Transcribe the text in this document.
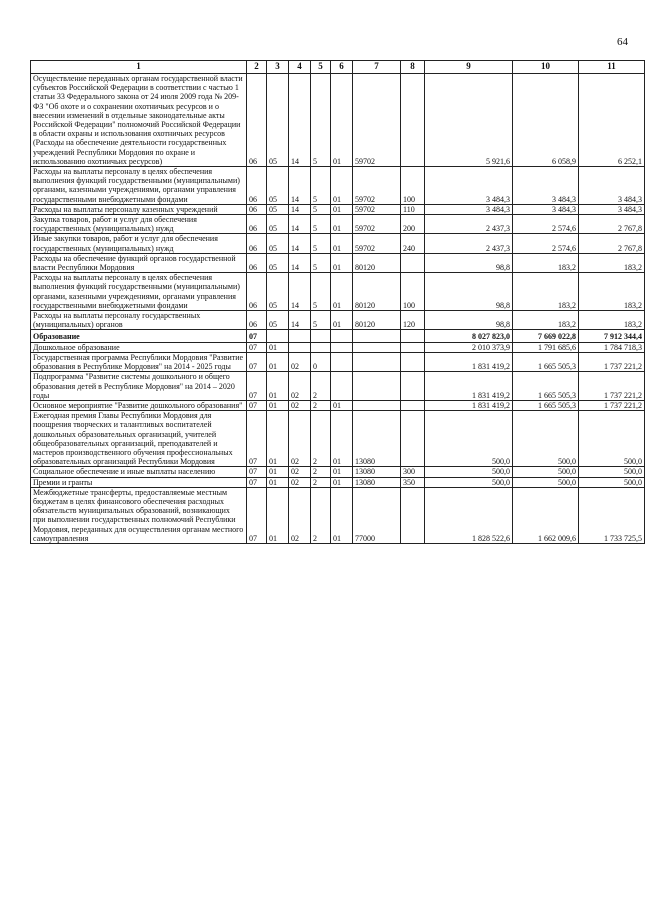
64
1	2	3	4	5	6	7	8	9	10	11
Осуществление переданных органам государственной власти субъектов Российской Федерации в соответствии с частью 1 статьи 33 Федерального закона от 24 июля 2009 года № 209-ФЗ "Об охоте и о сохранении охотничьих ресурсов и о внесении изменений в отдельные законодательные акты Российской Федерации" полномочий Российской Федерации в области охраны и использования охотничьих ресурсов (Расходы на обеспечение деятельности государственных учреждений Республики Мордовия по охране и использованию охотничьих ресурсов)	06	05	14	5	01	59702		5 921,6	6 058,9	6 252,1
Расходы на выплаты персоналу в целях обеспечения выполнения функций государственными (муниципальными) органами, казенными учреждениями, органами управления государственными внебюджетными фондами	06	05	14	5	01	59702	100	3 484,3	3 484,3	3 484,3
Расходы на выплаты персоналу казенных учреждений	06	05	14	5	01	59702	110	3 484,3	3 484,3	3 484,3
Закупка товаров, работ и услуг для обеспечения государственных (муниципальных) нужд	06	05	14	5	01	59702	200	2 437,3	2 574,6	2 767,8
Иные закупки товаров, работ и услуг для обеспечения государственных (муниципальных) нужд	06	05	14	5	01	59702	240	2 437,3	2 574,6	2 767,8
Расходы на обеспечение функций органов государственной власти Республики Мордовия	06	05	14	5	01	80120		98,8	183,2	183,2
Расходы на выплаты персоналу в целях обеспечения выполнения функций государственными (муниципальными) органами, казенными учреждениями, органами управления государственными внебюджетными фондами	06	05	14	5	01	80120	100	98,8	183,2	183,2
Расходы на выплаты персоналу государственных (муниципальных) органов	06	05	14	5	01	80120	120	98,8	183,2	183,2
Образование	07							8 027 823,0	7 669 022,8	7 912 344,4
Дошкольное образование	07	01						2 010 373,9	1 791 685,6	1 784 718,3
Государственная программа Республики Мордовия "Развитие образования в Республике Мордовия" на 2014 - 2025 годы	07	01	02	0				1 831 419,2	1 665 505,3	1 737 221,2
Подпрограмма "Развитие системы дошкольного и общего образования детей в Республике Мордовия" на 2014 – 2020 годы	07	01	02	2				1 831 419,2	1 665 505,3	1 737 221,2
Основное мероприятие "Развитие дошкольного образования"	07	01	02	2	01			1 831 419,2	1 665 505,3	1 737 221,2
Ежегодная премия Главы Республики Мордовия для поощрения творческих и талантливых воспитателей дошкольных образовательных организаций, учителей общеобразовательных организаций, преподавателей и мастеров производственного обучения профессиональных образовательных организаций Республики Мордовия	07	01	02	2	01	13080		500,0	500,0	500,0
Социальное обеспечение и иные выплаты населению	07	01	02	2	01	13080	300	500,0	500,0	500,0
Премии и гранты	07	01	02	2	01	13080	350	500,0	500,0	500,0
Межбюджетные трансферты, предоставляемые местным бюджетам в целях финансового обеспечения расходных обязательств муниципальных образований, возникающих при выполнении государственных полномочий Республики Мордовия, переданных для осуществления органам местного самоуправления	07	01	02	2	01	77000		1 828 522,6	1 662 009,6	1 733 725,5
